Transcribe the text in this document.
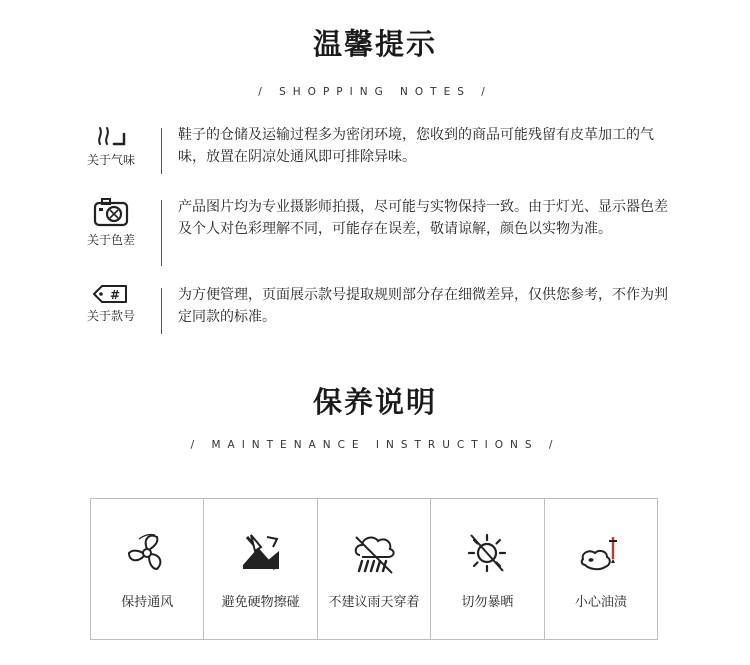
温馨提示
/ SHOPPING NOTES /
关于气味
鞋子的仓储及运输过程多为密闭环境，您收到的商品可能残留有皮革加工的气味，放置在阴凉处通风即可排除异味。
关于色差
产品图片均为专业摄影师拍摄，尽可能与实物保持一致。由于灯光、显示器色差及个人对色彩理解不同，可能存在误差，敬请谅解，颜色以实物为准。
#
关于款号
为方便管理，页面展示款号提取规则部分存在细微差异，仅供您参考，不作为判定同款的标准。
保养说明
/ MAINTENANCE INSTRUCTIONS /
保持通风	避免硬物擦碰 不建议雨天穿着	切勿暴晒	小心油渍
